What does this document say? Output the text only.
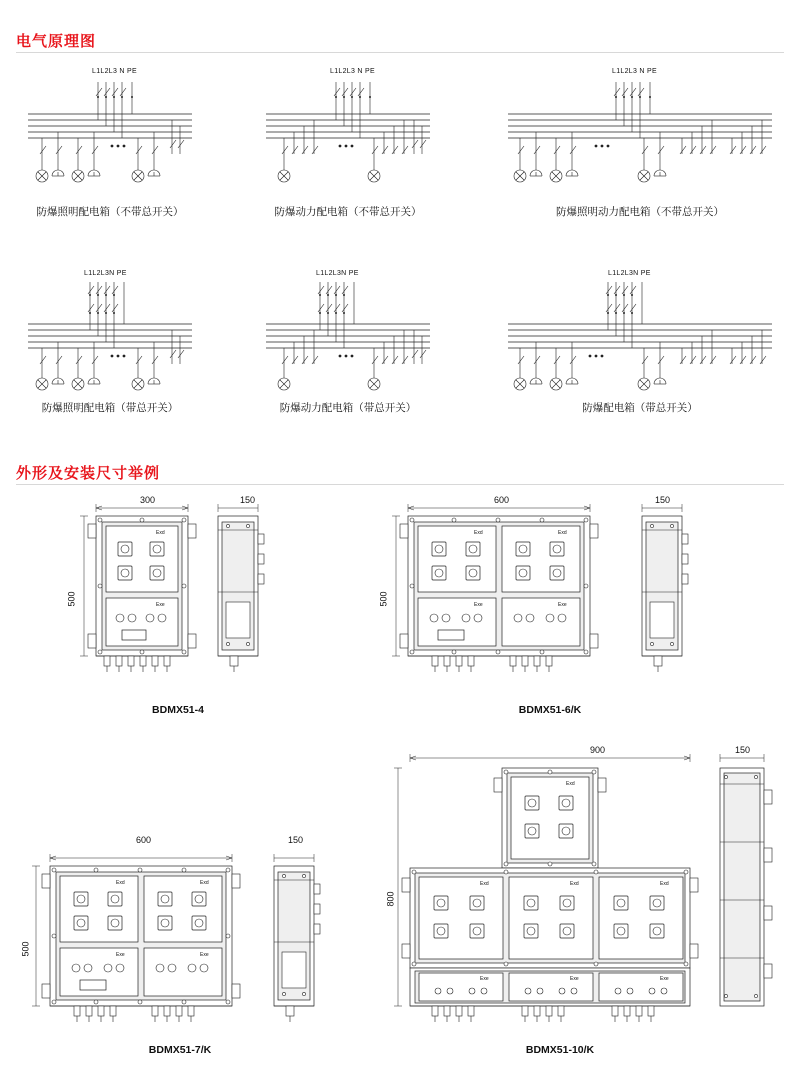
电气原理图
L1L2L3 N PE
防爆照明配电箱（不带总开关）
L1L2L3 N PE
防爆动力配电箱（不带总开关）
L1L2L3 N PE
防爆照明动力配电箱（不带总开关）
L1L2L3N PE
防爆照明配电箱（带总开关）
L1L2L3N PE
防爆动力配电箱（带总开关）
L1L2L3N PE
防爆配电箱（带总开关）
外形及安装尺寸举例
Exd
Exe
300	150
500
BDMX51-4
Exd	Exd
Exe	Exe
600	150
500
BDMX51-6/K
Exd	Exd
Exe	Exe
600	150
500
BDMX51-7/K
Exd
Exd	Exd	Exd
Exe	Exe	Exe
900	150
800
BDMX51-10/K
